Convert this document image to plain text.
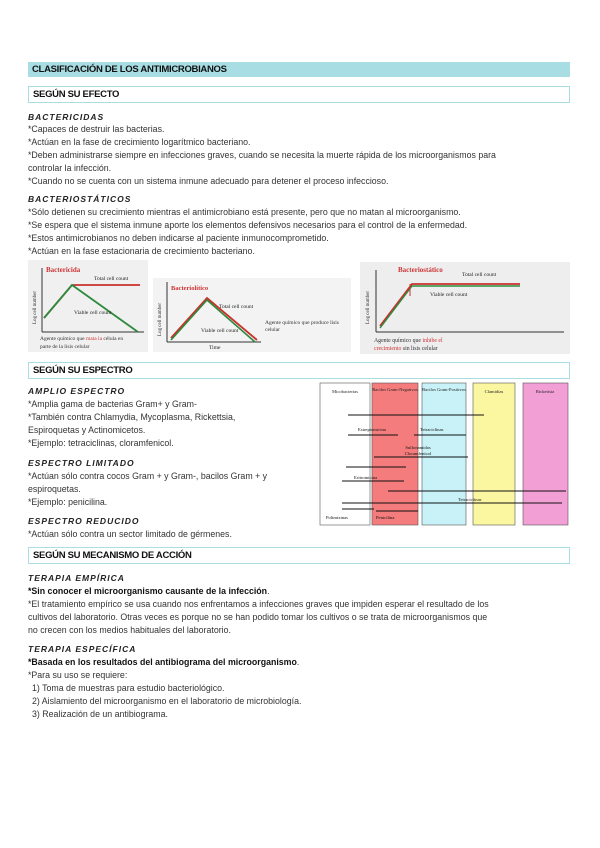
CLASIFICACIÓN DE LOS ANTIMICROBIANOS
SEGÚN SU EFECTO
BACTERICIDAS
*Capaces de destruir las bacterias.
*Actúan en la fase de crecimiento logarítmico bacteriano.
*Deben administrarse siempre en infecciones graves, cuando se necesita la muerte rápida de los microorganismos para
controlar la infección.
*Cuando no se cuenta con un sistema inmune adecuado para detener el proceso infeccioso.
BACTERIOSTÁTICOS
*Sólo detienen su crecimiento mientras el antimicrobiano está presente, pero que no matan al microorganismo.
*Se espera que el sistema inmune aporte los elementos defensivos necesarios para el control de la enfermedad.
*Estos antimicrobianos no deben indicarse al paciente inmunocomprometido.
*Actúan en la fase estacionaria de crecimiento bacteriano.
Bactericida
Total cell count
Log cell number	Viable cell count
Agente químico que mata la célula en
parte de la lisis celular
Bacteriolítico
Total cell count
Log cell number	Viable cell count
Time
Agente químico que produce lisis celular
Bacteriostático
Total cell count
Log cell number	Viable cell count
Agente químico que inhibe el
crecimiento sin lisis celular
SEGÚN SU ESPECTRO
AMPLIO ESPECTRO
*Amplia gama de bacterias Gram+ y Gram-
*También contra Chlamydia, Mycoplasma, Rickettsia,
Espiroquetas y Actinomicetos.
*Ejemplo: tetraciclinas, cloramfenicol.
ESPECTRO LIMITADO
*Actúan sólo contra cocos Gram + y Gram-, bacilos Gram + y
espiroquetas.
*Ejemplo: penicilina.
ESPECTRO REDUCIDO
*Actúan sólo contra un sector limitado de gérmenes.
Micobacterias	Bacilos Gram-Negativos Bacilos Gram-Positivos	Clamidias	Rickettsia
Estreptomicina	Tetraciclinas
Sulfonamidas Cloramfenicol
Eritromicina
Tetraciclinas
Polimixinas	Penicilina
SEGÚN SU MECANISMO DE ACCIÓN
TERAPIA EMPÍRICA
*Sin conocer el microorganismo causante de la infección.
*El tratamiento empírico se usa cuando nos enfrentamos a infecciones graves que impiden esperar el resultado de los
cultivos del laboratorio. Otras veces es porque no se han podido tomar los cultivos o se trata de microorganismos que
no crecen con los medios habituales del laboratorio.
TERAPIA ESPECÍFICA
*Basada en los resultados del antibiograma del microorganismo.
*Para su uso se requiere:
1) Toma de muestras para estudio bacteriológico.
2) Aislamiento del microorganismo en el laboratorio de microbiología.
3) Realización de un antibiograma.
